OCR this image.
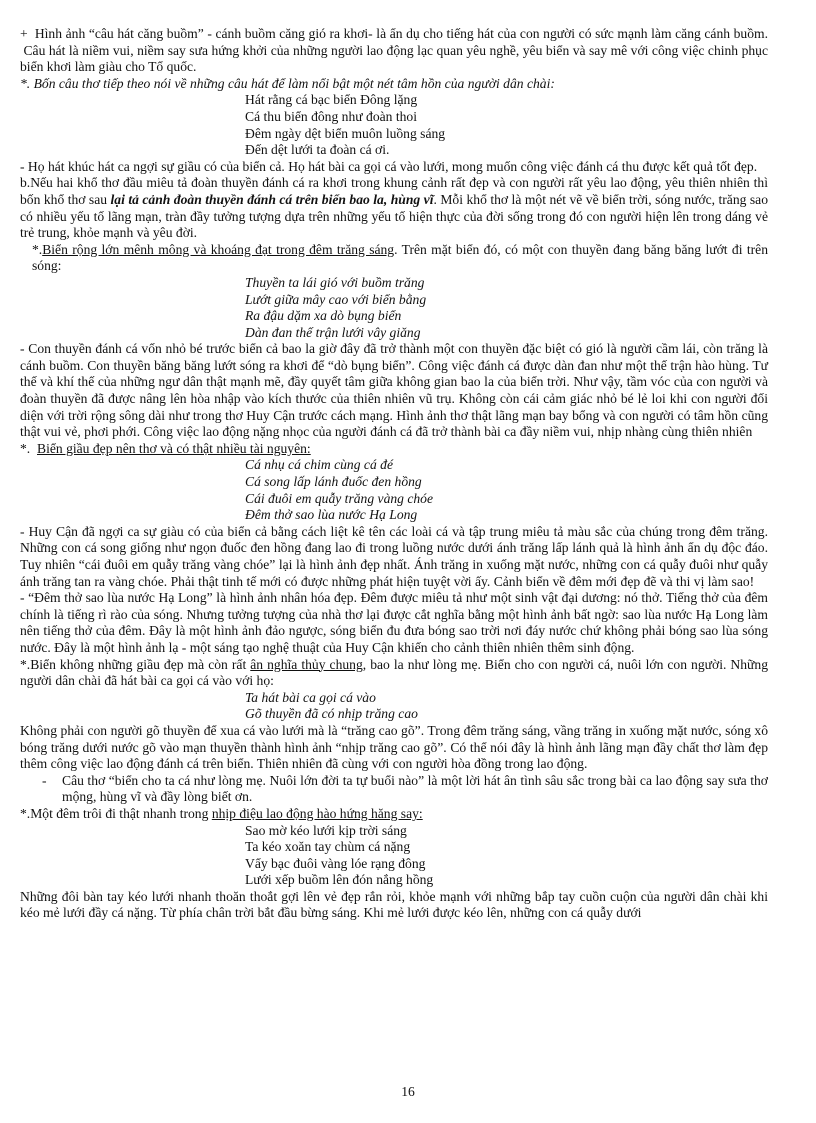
+  Hình ảnh “câu hát căng buồm” - cánh buồm căng gió ra khơi- là ẩn dụ cho tiếng hát của con người có sức mạnh làm căng cánh buồm.  Câu hát là niềm vui, niềm say sưa hứng khởi của những người lao động lạc quan yêu nghề, yêu biển và say mê với công việc chinh phục biển khơi làm giàu cho Tổ quốc.

*. Bốn câu thơ tiếp theo nói về những câu hát để làm nổi bật một nét tâm hồn của người dân chài:

Hát rằng cá bạc biển Đông lặng
Cá thu biển đông như đoàn thoi
Đêm ngày dệt biển muôn luồng sáng
Đến dệt lưới ta đoàn cá ơi.

- Họ hát khúc hát ca ngợi sự giầu có của biển cả. Họ hát bài ca gọi cá vào lưới, mong muốn công việc đánh cá thu được kết quả tốt đẹp.

b.Nếu hai khổ thơ đầu miêu tả đoàn thuyền đánh cá ra khơi trong khung cảnh rất đẹp và con người rất yêu lao động, yêu thiên nhiên thì bốn khổ thơ sau lại tả cảnh đoàn thuyền đánh cá trên biển bao la, hùng vĩ. Mỗi khổ thơ là một nét vẽ về biển trời, sóng nước, trăng sao có nhiều yếu tố lãng mạn, tràn đầy tưởng tượng dựa trên những yếu tố hiện thực của đời sống trong đó con người hiện lên trong dáng vẻ trẻ trung, khỏe mạnh và yêu đời.

*.Biển rộng lớn mênh mông và khoáng đạt trong đêm trăng sáng. Trên mặt biển đó, có một con thuyền đang băng băng lướt đi trên sóng:

Thuyền ta lái gió với buồm trăng
Lướt giữa mây cao với biển bằng
Ra đậu dặm xa dò bụng biển
Dàn đan thế trận lưới vây giăng

- Con thuyền đánh cá vốn nhỏ bé trước biển cả bao la giờ đây đã trở thành một con thuyền đặc biệt có gió là người cầm lái, còn trăng là cánh buồm. Con thuyền băng băng lướt sóng ra khơi để “dò bụng biển”. Công việc đánh cá được dàn đan như một thế trận hào hùng. Tư thế và khí thế của những ngư dân thật mạnh mẽ, đầy quyết tâm giữa không gian bao la của biển trời. Như vậy, tầm vóc của con người và đoàn thuyền đã được nâng lên hòa nhập vào kích thước của thiên nhiên vũ trụ. Không còn cái cảm giác nhỏ bé lẻ loi khi con người đối diện với trời rộng sông dài như trong thơ Huy Cận trước cách mạng. Hình ảnh thơ thật lãng mạn bay bổng và con người có tâm hồn cũng thật vui vẻ, phơi phới. Công việc lao động nặng nhọc của người đánh cá đã trở thành bài ca đầy niềm vui, nhịp nhàng cùng thiên nhiên

*.  Biển giầu đẹp nên thơ và có thật nhiều tài nguyên:

Cá nhụ cá chim cùng cá đé
Cá song lấp lánh đuốc đen hồng
Cái đuôi em quẫy trăng vàng chóe
Đêm thở sao lùa nước Hạ Long

- Huy Cận đã ngợi ca sự giàu có của biển cả bằng cách liệt kê tên các loài cá và tập trung miêu tả màu sắc của chúng trong đêm trăng. Những con cá song giống như ngọn đuốc đen hồng đang lao đi trong luồng nước dưới ánh trăng lấp lánh quả là hình ảnh ẩn dụ độc đáo. Tuy nhiên “cái đuôi em quẫy trăng vàng chóe” lại là hình ảnh đẹp nhất. Ánh trăng in xuống mặt nước, những con cá quẫy đuôi như quẫy ánh trăng tan ra vàng chóe. Phải thật tinh tế mới có được những phát hiện tuyệt vời ấy. Cảnh biển về đêm mới đẹp đẽ và thi vị làm sao!

- “Đêm thở sao lùa nước Hạ Long” là hình ảnh nhân hóa đẹp. Đêm được miêu tả như một sinh vật đại dương: nó thở. Tiếng thở của đêm chính là tiếng rì rào của sóng. Nhưng tưởng tượng của nhà thơ lại được cắt nghĩa bằng một hình ảnh bất ngờ: sao lùa nước Hạ Long làm nên tiếng thở của đêm. Đây là một hình ảnh đảo ngược, sóng biển đu đưa bóng sao trời nơi đáy nước chứ không phải bóng sao lùa sóng nước. Đây là một hình ảnh lạ - một sáng tạo nghệ thuật của Huy Cận khiến cho cảnh thiên nhiên thêm sinh động.

*.Biển không những giầu đẹp mà còn rất ân nghĩa thủy chung, bao la như lòng mẹ. Biển cho con người cá, nuôi lớn con người. Những người dân chài đã hát bài ca gọi cá vào với họ:

Ta hát bài ca gọi cá vào
Gõ thuyền đã có nhịp trăng cao

Không phải con người gõ thuyền để xua cá vào lưới mà là “trăng cao gõ”. Trong đêm trăng sáng, vầng trăng in xuống mặt nước, sóng xô bóng trăng dưới nước gõ vào mạn thuyền thành hình ảnh “nhịp trăng cao gõ”. Có thể nói đây là hình ảnh lãng mạn đầy chất thơ làm đẹp thêm công việc lao động đánh cá trên biển. Thiên nhiên đã cùng với con người hòa đồng trong lao động.

- Câu thơ “biển cho ta cá như lòng mẹ. Nuôi lớn đời ta tự buổi nào” là một lời hát ân tình sâu sắc trong bài ca lao động say sưa thơ mộng, hùng vĩ và đầy lòng biết ơn.

*.Một đêm trôi đi thật nhanh trong nhịp điệu lao động hào hứng hăng say:

Sao mờ kéo lưới kịp trời sáng
Ta kéo xoăn tay chùm cá nặng
Vẩy bạc đuôi vàng lóe rạng đông
Lưới xếp buồm lên đón nắng hồng

Những đôi bàn tay kéo lưới nhanh thoăn thoắt gợi lên vẻ đẹp rắn rỏi, khỏe mạnh với những bắp tay cuồn cuộn của người dân chài khi kéo mẻ lưới đầy cá nặng. Từ phía chân trời bắt đầu bừng sáng. Khi mẻ lưới được kéo lên, những con cá quẫy dưới

16
